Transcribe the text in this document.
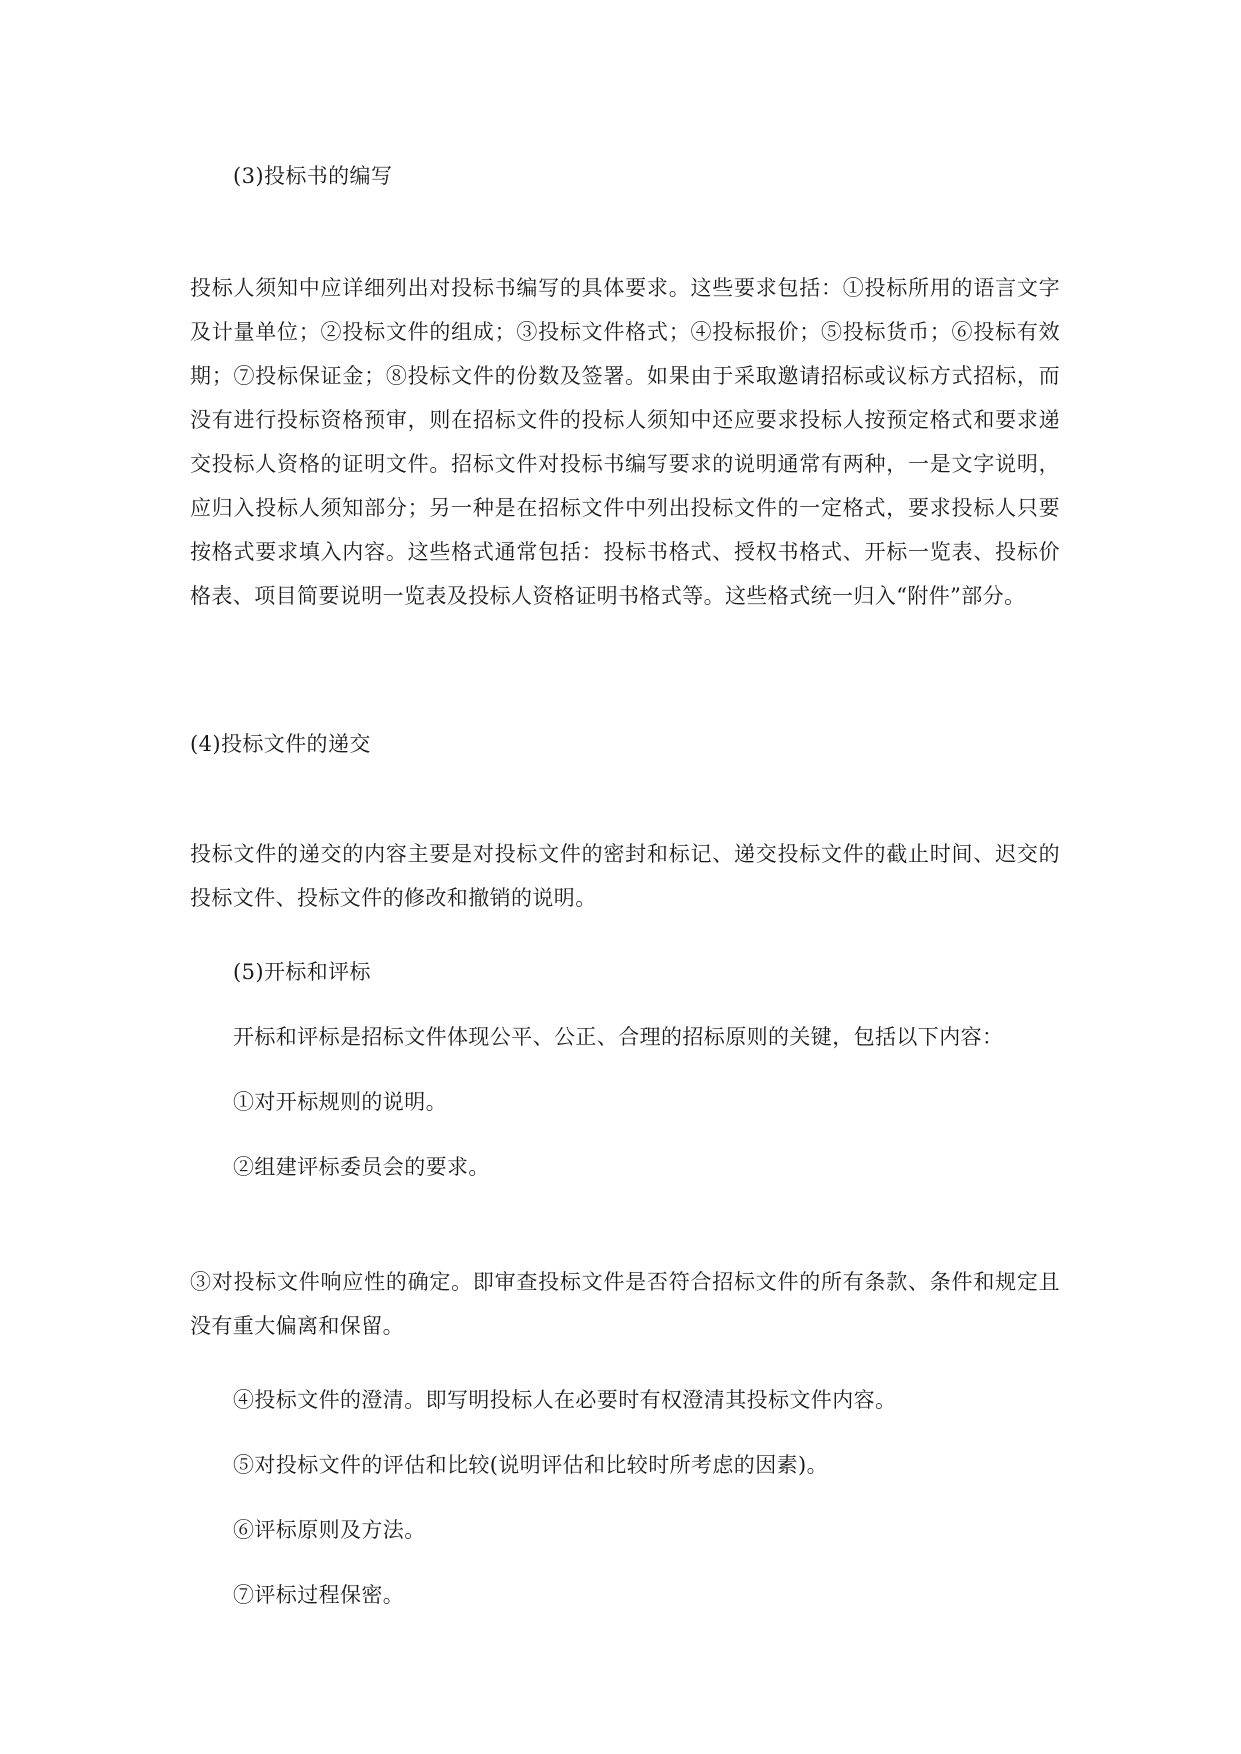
(3)投标书的编写

投标人须知中应详细列出对投标书编写的具体要求。这些要求包括：①投标所用的语言文字及计量单位；②投标文件的组成；③投标文件格式；④投标报价；⑤投标货币；⑥投标有效期；⑦投标保证金；⑧投标文件的份数及签署。如果由于采取邀请招标或议标方式招标，而没有进行投标资格预审，则在招标文件的投标人须知中还应要求投标人按预定格式和要求递交投标人资格的证明文件。招标文件对投标书编写要求的说明通常有两种，一是文字说明，应归入投标人须知部分；另一种是在招标文件中列出投标文件的一定格式，要求投标人只要按格式要求填入内容。这些格式通常包括：投标书格式、授权书格式、开标一览表、投标价格表、项目简要说明一览表及投标人资格证明书格式等。这些格式统一归入“附件”部分。

(4)投标文件的递交

投标文件的递交的内容主要是对投标文件的密封和标记、递交投标文件的截止时间、迟交的投标文件、投标文件的修改和撤销的说明。

(5)开标和评标

开标和评标是招标文件体现公平、公正、合理的招标原则的关键，包括以下内容：

①对开标规则的说明。

②组建评标委员会的要求。

③对投标文件响应性的确定。即审查投标文件是否符合招标文件的所有条款、条件和规定且没有重大偏离和保留。

④投标文件的澄清。即写明投标人在必要时有权澄清其投标文件内容。

⑤对投标文件的评估和比较(说明评估和比较时所考虑的因素)。

⑥评标原则及方法。

⑦评标过程保密。
